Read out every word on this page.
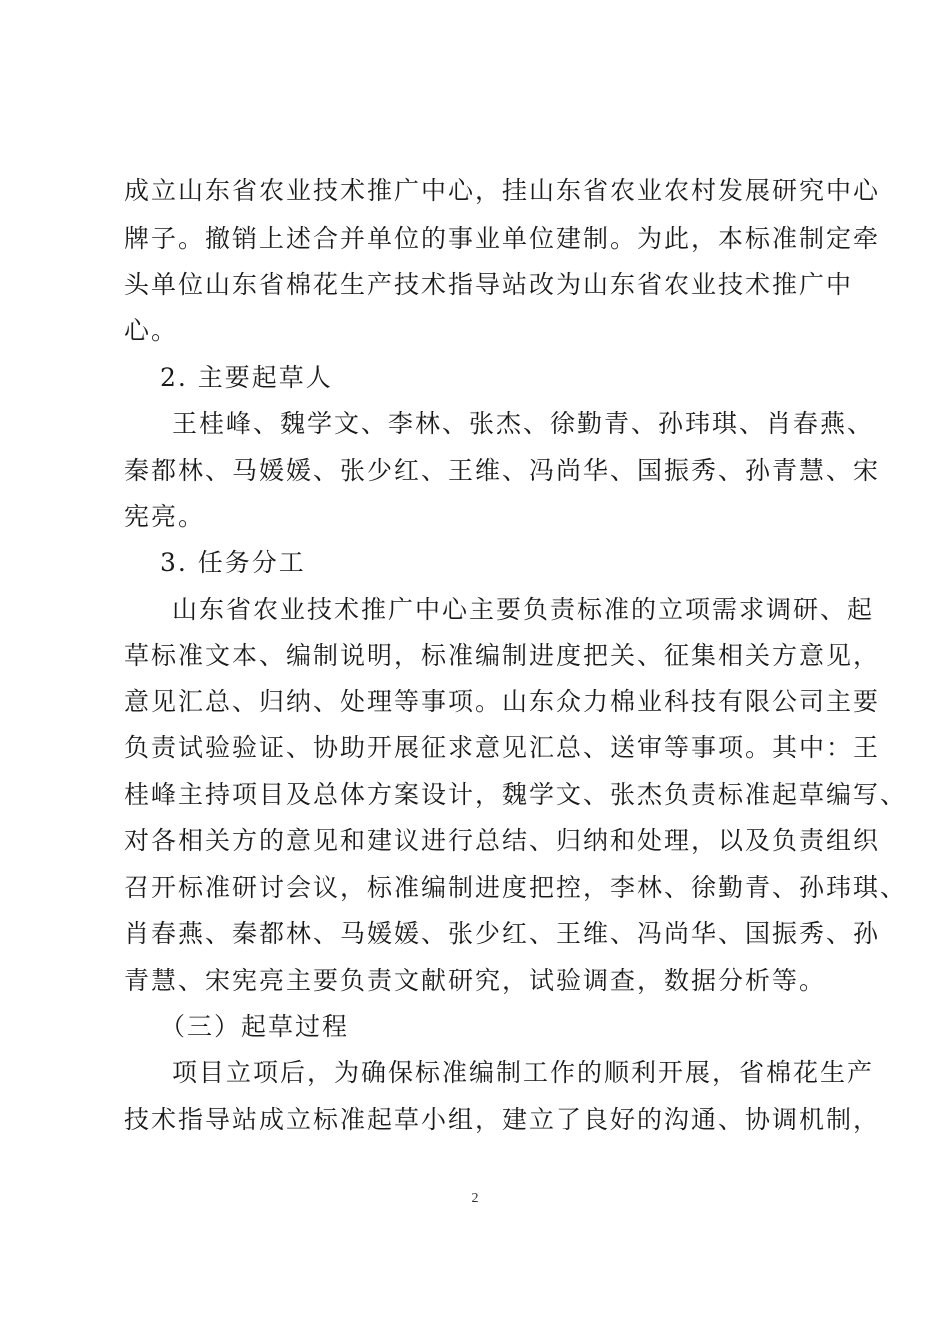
成立山东省农业技术推广中心，挂山东省农业农村发展研究中心
牌子。撤销上述合并单位的事业单位建制。为此，本标准制定牵
头单位山东省棉花生产技术指导站改为山东省农业技术推广中
心。
2. 主要起草人
王桂峰、魏学文、李林、张杰、徐勤青、孙玮琪、肖春燕、
秦都林、马媛媛、张少红、王维、冯尚华、国振秀、孙青慧、宋
宪亮。
3. 任务分工
山东省农业技术推广中心主要负责标准的立项需求调研、起
草标准文本、编制说明，标准编制进度把关、征集相关方意见，
意见汇总、归纳、处理等事项。山东众力棉业科技有限公司主要
负责试验验证、协助开展征求意见汇总、送审等事项。其中：王
桂峰主持项目及总体方案设计，魏学文、张杰负责标准起草编写、
对各相关方的意见和建议进行总结、归纳和处理，以及负责组织
召开标准研讨会议，标准编制进度把控，李林、徐勤青、孙玮琪、
肖春燕、秦都林、马媛媛、张少红、王维、冯尚华、国振秀、孙
青慧、宋宪亮主要负责文献研究，试验调查，数据分析等。
（三）起草过程
项目立项后，为确保标准编制工作的顺利开展，省棉花生产
技术指导站成立标准起草小组，建立了良好的沟通、协调机制，
2
